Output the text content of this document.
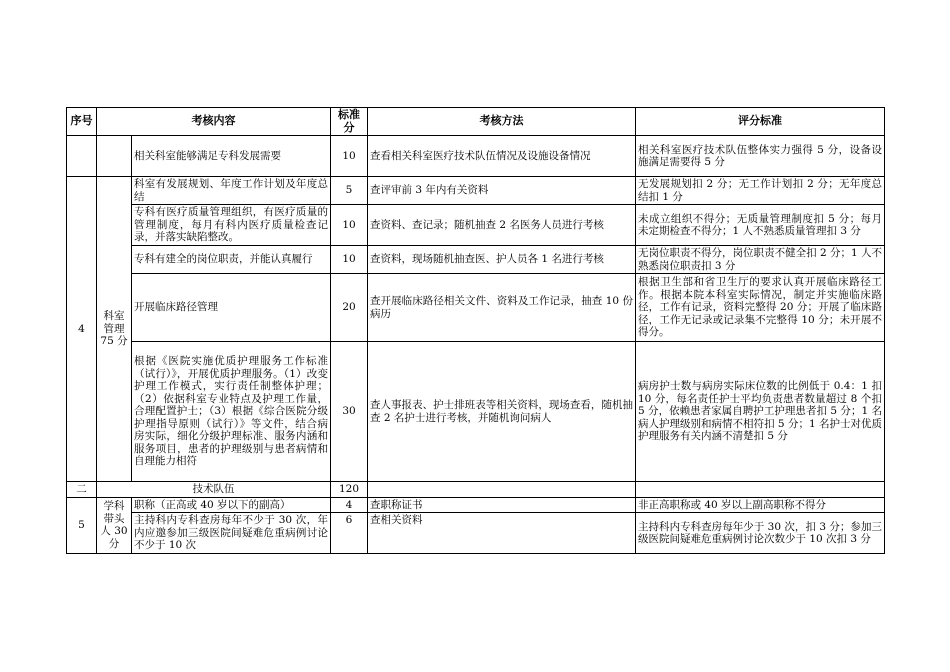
序号	考核内容		标准分	考核方法	评分标准
		相关科室能够满足专科发展需要	10	查看相关科室医疗技术队伍情况及设施设备情况	相关科室医疗技术队伍整体实力强得 5 分，设备设施满足需要得 5 分
4	科室管理 75 分	科室有发展规划、年度工作计划及年度总结	5	查评审前 3 年内有关资料	无发展规划扣 2 分；无工作计划扣 2 分；无年度总结扣 1 分
		专科有医疗质量管理组织，有医疗质量的管理制度，每月有科内医疗质量检查记录，并落实缺陷整改。	10	查资料、查记录；随机抽查 2 名医务人员进行考核	未成立组织不得分；无质量管理制度扣 5 分；每月未定期检查不得分；1 人不熟悉质量管理扣 3 分
		专科有建全的岗位职责，并能认真履行	10	查资料，现场随机抽查医、护人员各 1 名进行考核	无岗位职责不得分，岗位职责不健全扣 2 分；1 人不熟悉岗位职责扣 3 分
		开展临床路径管理	20	查开展临床路径相关文件、资料及工作记录，抽查 10 份病历	根据卫生部和省卫生厅的要求认真开展临床路径工作。根据本院本科室实际情况，制定并实施临床路径，工作有记录，资料完整得 20 分；开展了临床路径，工作无记录或记录集不完整得 10 分；未开展不得分。
		根据《医院实施优质护理服务工作标准（试行）》，开展优质护理服务。（1）改变护理工作模式，实行责任制整体护理；（2）依据科室专业特点及护理工作量，合理配置护士；（3）根据《综合医院分级护理指导原则（试行）》等文件，结合病房实际，细化分级护理标准、服务内涵和服务项目，患者的护理级别与患者病情和自理能力相符	30	查人事报表、护士排班表等相关资料，现场查看，随机抽查 2 名护士进行考核，并随机询问病人	病房护士数与病房实际床位数的比例低于 0.4：1 扣 10 分，每名责任护士平均负责患者数量超过 8 个扣 5 分，依赖患者家属自聘护工护理患者扣 5 分；1 名病人护理级别和病情不相符扣 5 分；1 名护士对优质护理服务有关内涵不清楚扣 5 分
二	技术队伍		120		
5	学科带头人 30 分	职称（正高或 40 岁以下的副高）	4	查职称证书	非正高职称或 40 岁以上副高职称不得分
		主持科内专科查房每年不少于 30 次，年内应邀参加三级医院间疑难危重病例讨论不少于 10 次	6	查相关资料	主持科内专科查房每年少于 30 次，扣 3 分；参加三级医院间疑难危重病例讨论次数少于 10 次扣 3 分
